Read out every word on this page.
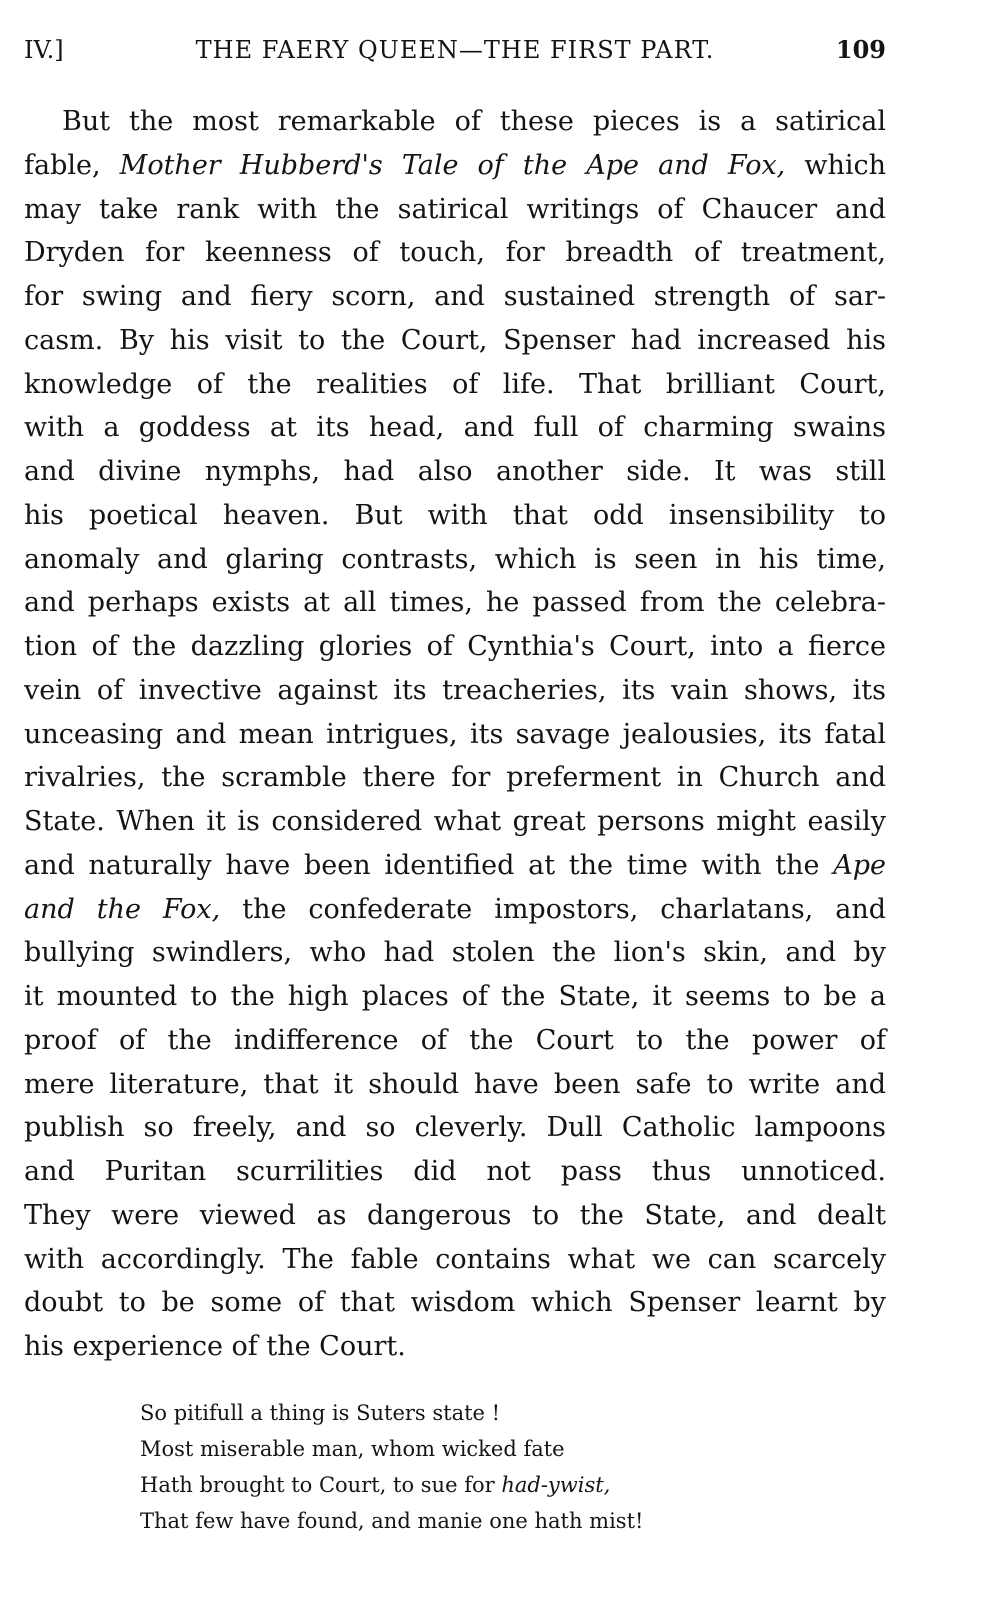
IV.]	THE FAERY QUEEN—THE FIRST PART.	109
But the most remarkable of these pieces is a satirical
fable, Mother Hubberd's Tale of the Ape and Fox, which
may take rank with the satirical writings of Chaucer and
Dryden for keenness of touch, for breadth of treatment,
for swing and fiery scorn, and sustained strength of sar-
casm. By his visit to the Court, Spenser had increased his
knowledge of the realities of life. That brilliant Court,
with a goddess at its head, and full of charming swains
and divine nymphs, had also another side. It was still
his poetical heaven. But with that odd insensibility to
anomaly and glaring contrasts, which is seen in his time,
and perhaps exists at all times, he passed from the celebra-
tion of the dazzling glories of Cynthia's Court, into a fierce
vein of invective against its treacheries, its vain shows, its
unceasing and mean intrigues, its savage jealousies, its fatal
rivalries, the scramble there for preferment in Church and
State. When it is considered what great persons might easily
and naturally have been identified at the time with the Ape
and the Fox, the confederate impostors, charlatans, and
bullying swindlers, who had stolen the lion's skin, and by
it mounted to the high places of the State, it seems to be a
proof of the indifference of the Court to the power of
mere literature, that it should have been safe to write and
publish so freely, and so cleverly. Dull Catholic lampoons
and Puritan scurrilities did not pass thus unnoticed.
They were viewed as dangerous to the State, and dealt
with accordingly. The fable contains what we can scarcely
doubt to be some of that wisdom which Spenser learnt by
his experience of the Court.
So pitifull a thing is Suters state !
Most miserable man, whom wicked fate
Hath brought to Court, to sue for had-ywist,
That few have found, and manie one hath mist!
